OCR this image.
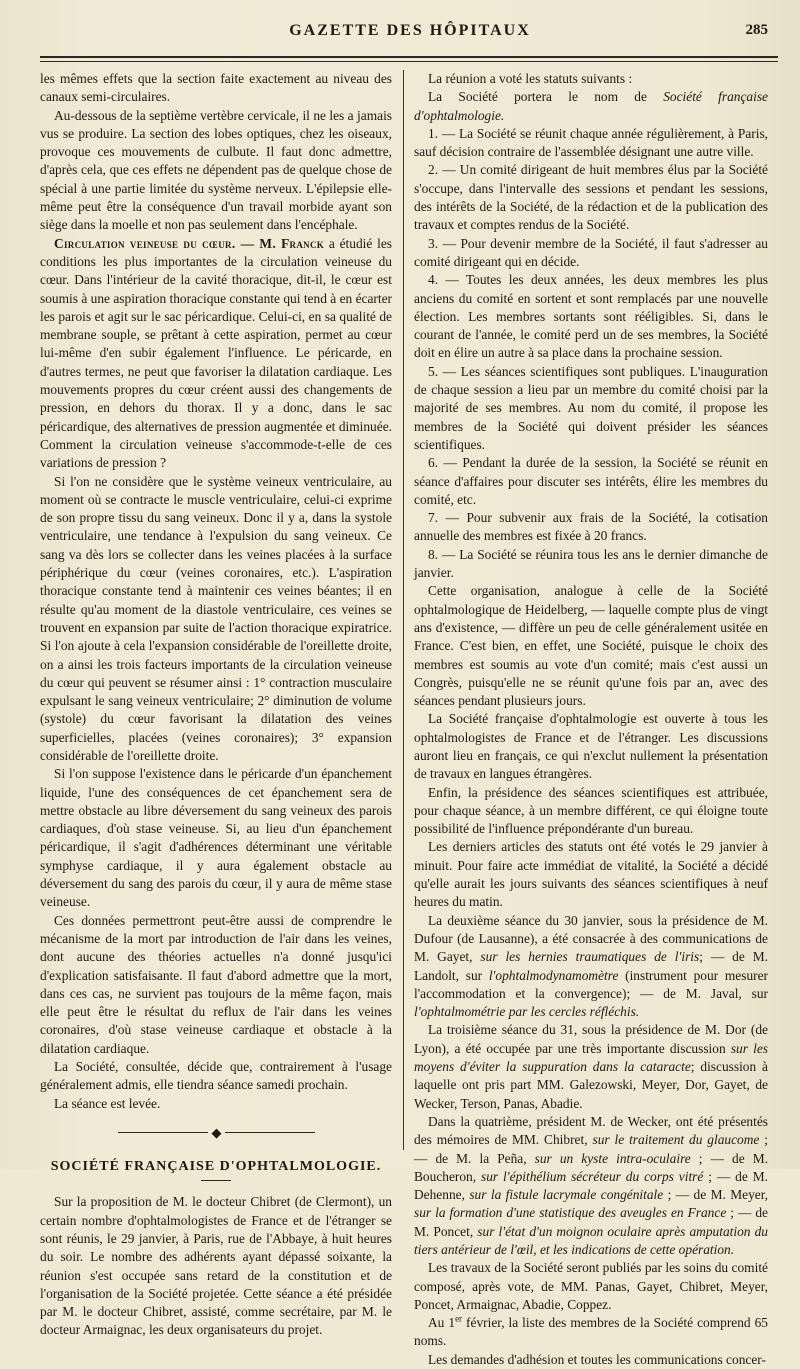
GAZETTE DES HÔPITAUX	285

les mêmes effets que la section faite exactement au niveau des canaux semi-circulaires.

Au-dessous de la septième vertèbre cervicale, il ne les a jamais vus se produire. La section des lobes optiques, chez les oiseaux, provoque ces mouvements de culbute. Il faut donc admettre, d'après cela, que ces effets ne dépendent pas de quelque chose de spécial à une partie limitée du système nerveux. L'épilepsie elle-même peut être la conséquence d'un travail morbide ayant son siège dans la moelle et non pas seulement dans l'encéphale.

Circulation veineuse du cœur. — M. Franck a étudié les conditions les plus importantes de la circulation veineuse du cœur. Dans l'intérieur de la cavité thoracique, dit-il, le cœur est soumis à une aspiration thoracique constante qui tend à en écarter les parois et agit sur le sac péricardique. Celui-ci, en sa qualité de membrane souple, se prêtant à cette aspiration, permet au cœur lui-même d'en subir également l'influence. Le péricarde, en d'autres termes, ne peut que favoriser la dilatation cardiaque. Les mouvements propres du cœur créent aussi des changements de pression, en dehors du thorax. Il y a donc, dans le sac péricardique, des alternatives de pression augmentée et diminuée. Comment la circulation veineuse s'accommode-t-elle de ces variations de pression ?

Si l'on ne considère que le système veineux ventriculaire, au moment où se contracte le muscle ventriculaire, celui-ci exprime de son propre tissu du sang veineux. Donc il y a, dans la systole ventriculaire, une tendance à l'expulsion du sang veineux. Ce sang va dès lors se collecter dans les veines placées à la surface périphérique du cœur (veines coronaires, etc.). L'aspiration thoracique constante tend à maintenir ces veines béantes; il en résulte qu'au moment de la diastole ventriculaire, ces veines se trouvent en expansion par suite de l'action thoracique expiratrice. Si l'on ajoute à cela l'expansion considérable de l'oreillette droite, on a ainsi les trois facteurs importants de la circulation veineuse du cœur qui peuvent se résumer ainsi : 1° contraction musculaire expulsant le sang veineux ventriculaire; 2° diminution de volume (systole) du cœur favorisant la dilatation des veines superficielles, placées (veines coronaires); 3° expansion considérable de l'oreillette droite.

Si l'on suppose l'existence dans le péricarde d'un épanchement liquide, l'une des conséquences de cet épanchement sera de mettre obstacle au libre déversement du sang veineux des parois cardiaques, d'où stase veineuse. Si, au lieu d'un épanchement péricardique, il s'agit d'adhérences déterminant une véritable symphyse cardiaque, il y aura également obstacle au déversement du sang des parois du cœur, il y aura de même stase veineuse.

Ces données permettront peut-être aussi de comprendre le mécanisme de la mort par introduction de l'air dans les veines, dont aucune des théories actuelles n'a donné jusqu'ici d'explication satisfaisante. Il faut d'abord admettre que la mort, dans ces cas, ne survient pas toujours de la même façon, mais elle peut être le résultat du reflux de l'air dans les veines coronaires, d'où stase veineuse cardiaque et obstacle à la dilatation cardiaque.

La Société, consultée, décide que, contrairement à l'usage généralement admis, elle tiendra séance samedi prochain.

La séance est levée.

◆
SOCIÉTÉ FRANÇAISE D'OPHTALMOLOGIE.

Sur la proposition de M. le docteur Chibret (de Clermont), un certain nombre d'ophtalmologistes de France et de l'étranger se sont réunis, le 29 janvier, à Paris, rue de l'Abbaye, à huit heures du soir. Le nombre des adhérents ayant dépassé soixante, la réunion s'est occupée sans retard de la constitution et de l'organisation de la Société projetée. Cette séance a été présidée par M. le docteur Chibret, assisté, comme secrétaire, par M. le docteur Armaignac, les deux organisateurs du projet.

La réunion a voté les statuts suivants :

La Société portera le nom de Société française d'ophtalmologie.

1. — La Société se réunit chaque année régulièrement, à Paris, sauf décision contraire de l'assemblée désignant une autre ville.

2. — Un comité dirigeant de huit membres élus par la Société s'occupe, dans l'intervalle des sessions et pendant les sessions, des intérêts de la Société, de la rédaction et de la publication des travaux et comptes rendus de la Société.

3. — Pour devenir membre de la Société, il faut s'adresser au comité dirigeant qui en décide.

4. — Toutes les deux années, les deux membres les plus anciens du comité en sortent et sont remplacés par une nouvelle élection. Les membres sortants sont rééligibles. Si, dans le courant de l'année, le comité perd un de ses membres, la Société doit en élire un autre à sa place dans la prochaine session.

5. — Les séances scientifiques sont publiques. L'inauguration de chaque session a lieu par un membre du comité choisi par la majorité de ses membres. Au nom du comité, il propose les membres de la Société qui doivent présider les séances scientifiques.

6. — Pendant la durée de la session, la Société se réunit en séance d'affaires pour discuter ses intérêts, élire les membres du comité, etc.

7. — Pour subvenir aux frais de la Société, la cotisation annuelle des membres est fixée à 20 francs.

8. — La Société se réunira tous les ans le dernier dimanche de janvier.

Cette organisation, analogue à celle de la Société ophtalmologique de Heidelberg, — laquelle compte plus de vingt ans d'existence, — diffère un peu de celle généralement usitée en France. C'est bien, en effet, une Société, puisque le choix des membres est soumis au vote d'un comité; mais c'est aussi un Congrès, puisqu'elle ne se réunit qu'une fois par an, avec des séances pendant plusieurs jours.

La Société française d'ophtalmologie est ouverte à tous les ophtalmologistes de France et de l'étranger. Les discussions auront lieu en français, ce qui n'exclut nullement la présentation de travaux en langues étrangères.

Enfin, la présidence des séances scientifiques est attribuée, pour chaque séance, à un membre différent, ce qui éloigne toute possibilité de l'influence prépondérante d'un bureau.

Les derniers articles des statuts ont été votés le 29 janvier à minuit. Pour faire acte immédiat de vitalité, la Société a décidé qu'elle aurait les jours suivants des séances scientifiques à neuf heures du matin.

La deuxième séance du 30 janvier, sous la présidence de M. Dufour (de Lausanne), a été consacrée à des communications de M. Gayet, sur les hernies traumatiques de l'iris; — de M. Landolt, sur l'ophtalmodynamomètre (instrument pour mesurer l'accommodation et la convergence); — de M. Javal, sur l'ophtalmométrie par les cercles réfléchis.

La troisième séance du 31, sous la présidence de M. Dor (de Lyon), a été occupée par une très importante discussion sur les moyens d'éviter la suppuration dans la cataracte; discussion à laquelle ont pris part MM. Galezowski, Meyer, Dor, Gayet, de Wecker, Terson, Panas, Abadie.

Dans la quatrième, président M. de Wecker, ont été présentés des mémoires de MM. Chibret, sur le traitement du glaucome ; — de M. la Peña, sur un kyste intra-oculaire ; — de M. Boucheron, sur l'épithélium sécréteur du corps vitré ; — de M. Dehenne, sur la fistule lacrymale congénitale ; — de M. Meyer, sur la formation d'une statistique des aveugles en France ; — de M. Poncet, sur l'état d'un moignon oculaire après amputation du tiers antérieur de l'œil, et les indications de cette opération.

Les travaux de la Société seront publiés par les soins du comité composé, après vote, de MM. Panas, Gayet, Chibret, Meyer, Poncet, Armaignac, Abadie, Coppez.

Au 1er février, la liste des membres de la Société comprend 65 noms.

Les demandes d'adhésion et toutes les communications concer-
